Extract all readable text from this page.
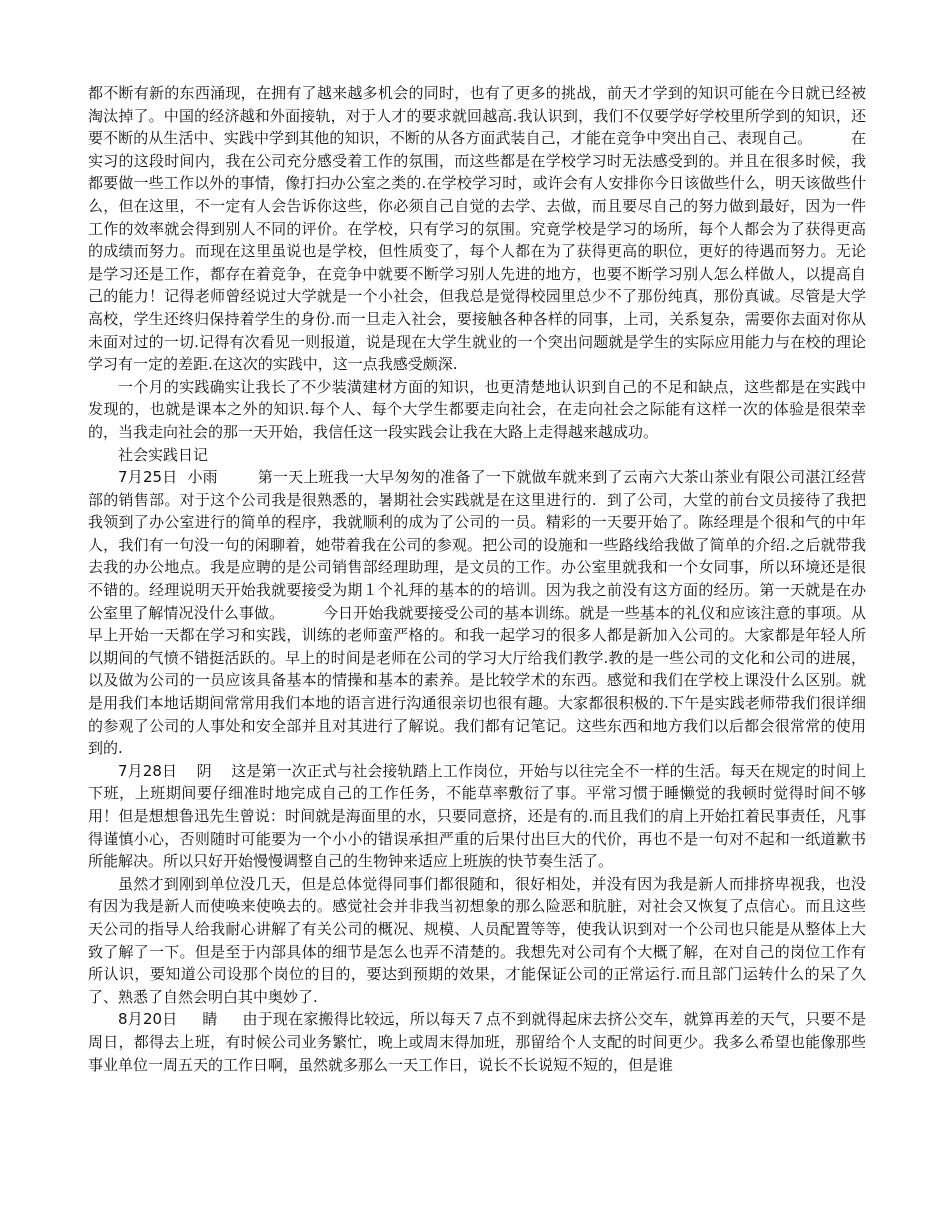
都不断有新的东西涌现，在拥有了越来越多机会的同时，也有了更多的挑战，前天才学到的知识可能在今日就已经被淘汰掉了。中国的经济越和外面接轨，对于人才的要求就回越高.我认识到，我们不仅要学好学校里所学到的知识，还要不断的从生活中、实践中学到其他的知识，不断的从各方面武装自己，才能在竞争中突出自己、表现自己。        在实习的这段时间内，我在公司充分感受着工作的氛围，而这些都是在学校学习时无法感受到的。并且在很多时候，我都要做一些工作以外的事情，像打扫办公室之类的.在学校学习时，或许会有人安排你今日该做些什么，明天该做些什么，但在这里，不一定有人会告诉你这些，你必须自己自觉的去学、去做，而且要尽自己的努力做到最好，因为一件工作的效率就会得到别人不同的评价。在学校，只有学习的氛围。究竟学校是学习的场所，每个人都会为了获得更高的成绩而努力。而现在这里虽说也是学校，但性质变了，每个人都在为了获得更高的职位，更好的待遇而努力。无论是学习还是工作，都存在着竞争，在竞争中就要不断学习别人先进的地方，也要不断学习别人怎么样做人，以提高自己的能力！记得老师曾经说过大学就是一个小社会，但我总是觉得校园里总少不了那份纯真，那份真诚。尽管是大学高校，学生还终归保持着学生的身份.而一旦走入社会，要接触各种各样的同事，上司，关系复杂，需要你去面对你从未面对过的一切.记得有次看见一则报道，说是现在大学生就业的一个突出问题就是学生的实际应用能力与在校的理论学习有一定的差距.在这次的实践中，这一点我感受颇深.

一个月的实践确实让我长了不少装潢建材方面的知识，也更清楚地认识到自己的不足和缺点，这些都是在实践中发现的，也就是课本之外的知识.每个人、每个大学生都要走向社会，在走向社会之际能有这样一次的体验是很荣幸的，当我走向社会的那一天开始，我信任这一段实践会让我在大路上走得越来越成功。

社会实践日记

7月25日  小雨        第一天上班我一大早匆匆的准备了一下就做车就来到了云南六大茶山茶业有限公司湛江经营部的销售部。对于这个公司我是很熟悉的，暑期社会实践就是在这里进行的.  到了公司，大堂的前台文员接待了我把我领到了办公室进行的简单的程序，我就顺利的成为了公司的一员。精彩的一天要开始了。陈经理是个很和气的中年人，我们有一句没一句的闲聊着，她带着我在公司的参观。把公司的设施和一些路线给我做了简单的介绍.之后就带我去我的办公地点。我是应聘的是公司销售部经理助理，是文员的工作。办公室里就我和一个女同事，所以环境还是很不错的。经理说明天开始我就要接受为期１个礼拜的基本的的培训。因为我之前没有这方面的经历。第一天就是在办公室里了解情况没什么事做。        今日开始我就要接受公司的基本训练。就是一些基本的礼仪和应该注意的事项。从早上开始一天都在学习和实践，训练的老师蛮严格的。和我一起学习的很多人都是新加入公司的。大家都是年轻人所以期间的气愤不错挺活跃的。早上的时间是老师在公司的学习大厅给我们教学.教的是一些公司的文化和公司的进展，以及做为公司的一员应该具备基本的情操和基本的素养。是比较学术的东西。感觉和我们在学校上课没什么区别。就是用我们本地话期间常常用我们本地的语言进行沟通很亲切也很有趣。大家都很积极的.下午是实践老师带我们很详细的参观了公司的人事处和安全部并且对其进行了解说。我们都有记笔记。这些东西和地方我们以后都会很常常的使用到的.

7月28日    阴    这是第一次正式与社会接轨踏上工作岗位，开始与以往完全不一样的生活。每天在规定的时间上下班，上班期间要仔细准时地完成自己的工作任务，不能草率敷衍了事。平常习惯于睡懒觉的我顿时觉得时间不够用！但是想想鲁迅先生曾说：时间就是海面里的水，只要同意挤，还是有的.而且我们的肩上开始扛着民事责任，凡事得谨慎小心，否则随时可能要为一个小小的错误承担严重的后果付出巨大的代价，再也不是一句对不起和一纸道歉书所能解决。所以只好开始慢慢调整自己的生物钟来适应上班族的快节奏生活了。

虽然才到刚到单位没几天，但是总体觉得同事们都很随和，很好相处，并没有因为我是新人而排挤卑视我，也没有因为我是新人而使唤来使唤去的。感觉社会并非我当初想象的那么险恶和肮脏，对社会又恢复了点信心。而且这些天公司的指导人给我耐心讲解了有关公司的概况、规模、人员配置等等，使我认识到对一个公司也只能是从整体上大致了解了一下。但是至于内部具体的细节是怎么也弄不清楚的。我想先对公司有个大概了解，在对自己的岗位工作有所认识，要知道公司设那个岗位的目的，要达到预期的效果，才能保证公司的正常运行.而且部门运转什么的呆了久了、熟悉了自然会明白其中奥妙了.

8月20日     睛     由于现在家搬得比较远，所以每天７点不到就得起床去挤公交车，就算再差的天气，只要不是周日，都得去上班，有时候公司业务繁忙，晚上或周末得加班，那留给个人支配的时间更少。我多么希望也能像那些事业单位一周五天的工作日啊，虽然就多那么一天工作日，说长不长说短不短的，但是谁
